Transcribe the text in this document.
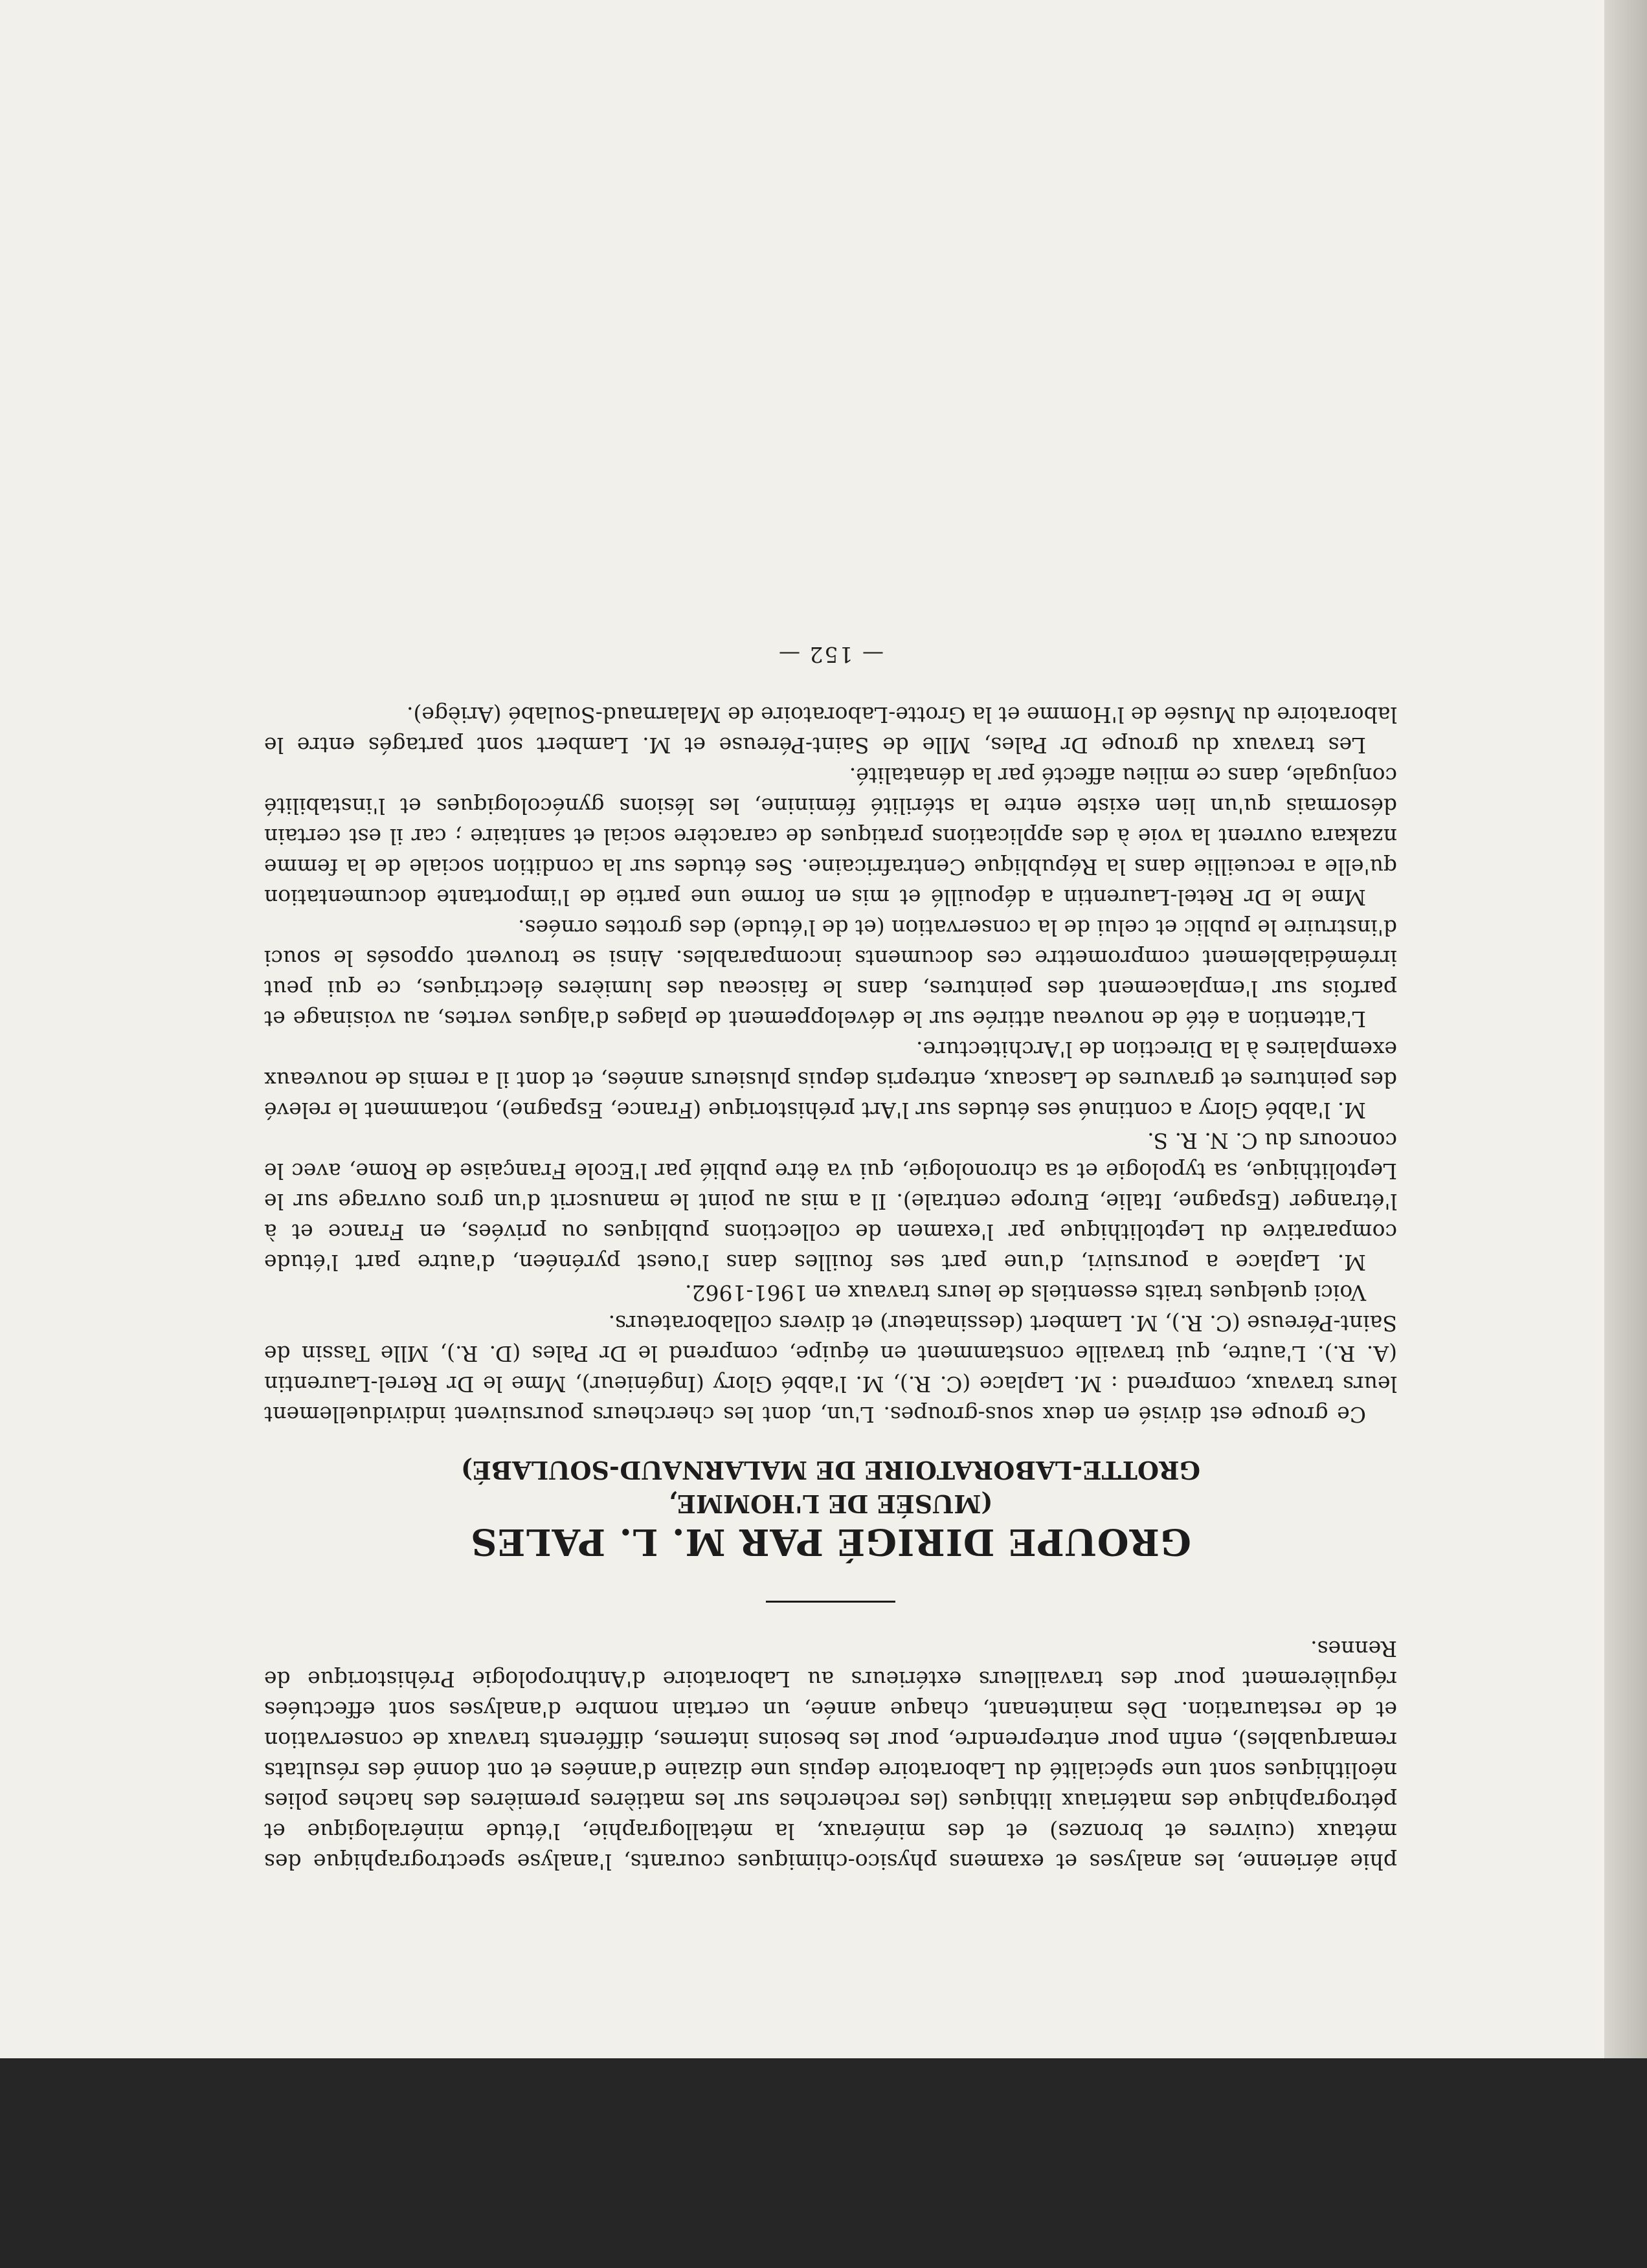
phie aérienne, les analyses et examens physico-chimiques courants, l'analyse spectrographique des métaux (cuivres et bronzes) et des minéraux, la métallographie, l'étude minéralogique et pétrographique des matériaux lithiques (les recherches sur les matières premières des haches polies néolithiques sont une spécialité du Laboratoire depuis une dizaine d'années et ont donné des résultats remarquables), enfin pour entreprendre, pour les besoins internes, différents travaux de conservation et de restauration. Dès maintenant, chaque année, un certain nombre d'analyses sont effectuées régulièrement pour des travailleurs extérieurs au Laboratoire d'Anthropologie Préhistorique de Rennes.

GROUPE DIRIGÉ PAR M. L. PALES

(MUSÉE DE L'HOMME,

GROTTE-LABORATOIRE DE MALARNAUD-SOULABÉ)

Ce groupe est divisé en deux sous-groupes. L'un, dont les chercheurs poursuivent individuellement leurs travaux, comprend : M. Laplace (C. R.), M. l'abbé Glory (Ingénieur), Mme le Dr Reтel-Laurentin (A. R.). L'autre, qui travaille constamment en équipe, comprend le Dr Pales (D. R.), Mlle Tassin de Saint-Péreuse (C. R.), M. Lambert (dessinateur) et divers collaborateurs.

Voici quelques traits essentiels de leurs travaux en 1961-1962.

M. Laplace a poursuivi, d'une part ses fouilles dans l'ouest pyrénéen, d'autre part l'étude comparative du Leptolithique par l'examen de collections publiques ou privées, en France et à l'étranger (Espagne, Italie, Europe centrale). Il a mis au point le manuscrit d'un gros ouvrage sur le Leptolithique, sa typologie et sa chronologie, qui va être publié par l'Ecole Française de Rome, avec le concours du C. N. R. S.

M. l'abbé Glory a continué ses études sur l'Art préhistorique (France, Espagne), notamment le relevé des peintures et gravures de Lascaux, entrepris depuis plusieurs années, et dont il a remis de nouveaux exemplaires à la Direction de l'Architecture.

L'attention a été de nouveau attirée sur le développement de plages d'algues vertes, au voisinage et parfois sur l'emplacement des peintures, dans le faisceau des lumières électriques, ce qui peut irrémédiablement compromettre ces documents incomparables. Ainsi se trouvent opposés le souci d'instruire le public et celui de la conservation (et de l'étude) des grottes ornées.

Mme le Dr Retel-Laurentin a dépouillé et mis en forme une partie de l'importante documentation qu'elle a recueillie dans la République Centrafricaine. Ses études sur la condition sociale de la femme nzakara ouvrent la voie à des applications pratiques de caractère social et sanitaire ; car il est certain désormais qu'un lien existe entre la stérilité féminine, les lésions gynécologiques et l'instabilité conjugale, dans ce milieu affecté par la dénatalité.

Les travaux du groupe Dr Pales, Mlle de Saint-Péreuse et M. Lambert sont partagés entre le laboratoire du Musée de l'Homme et la Grotte-Laboratoire de Malarnaud-Soulabé (Ariège).

— 152 —
